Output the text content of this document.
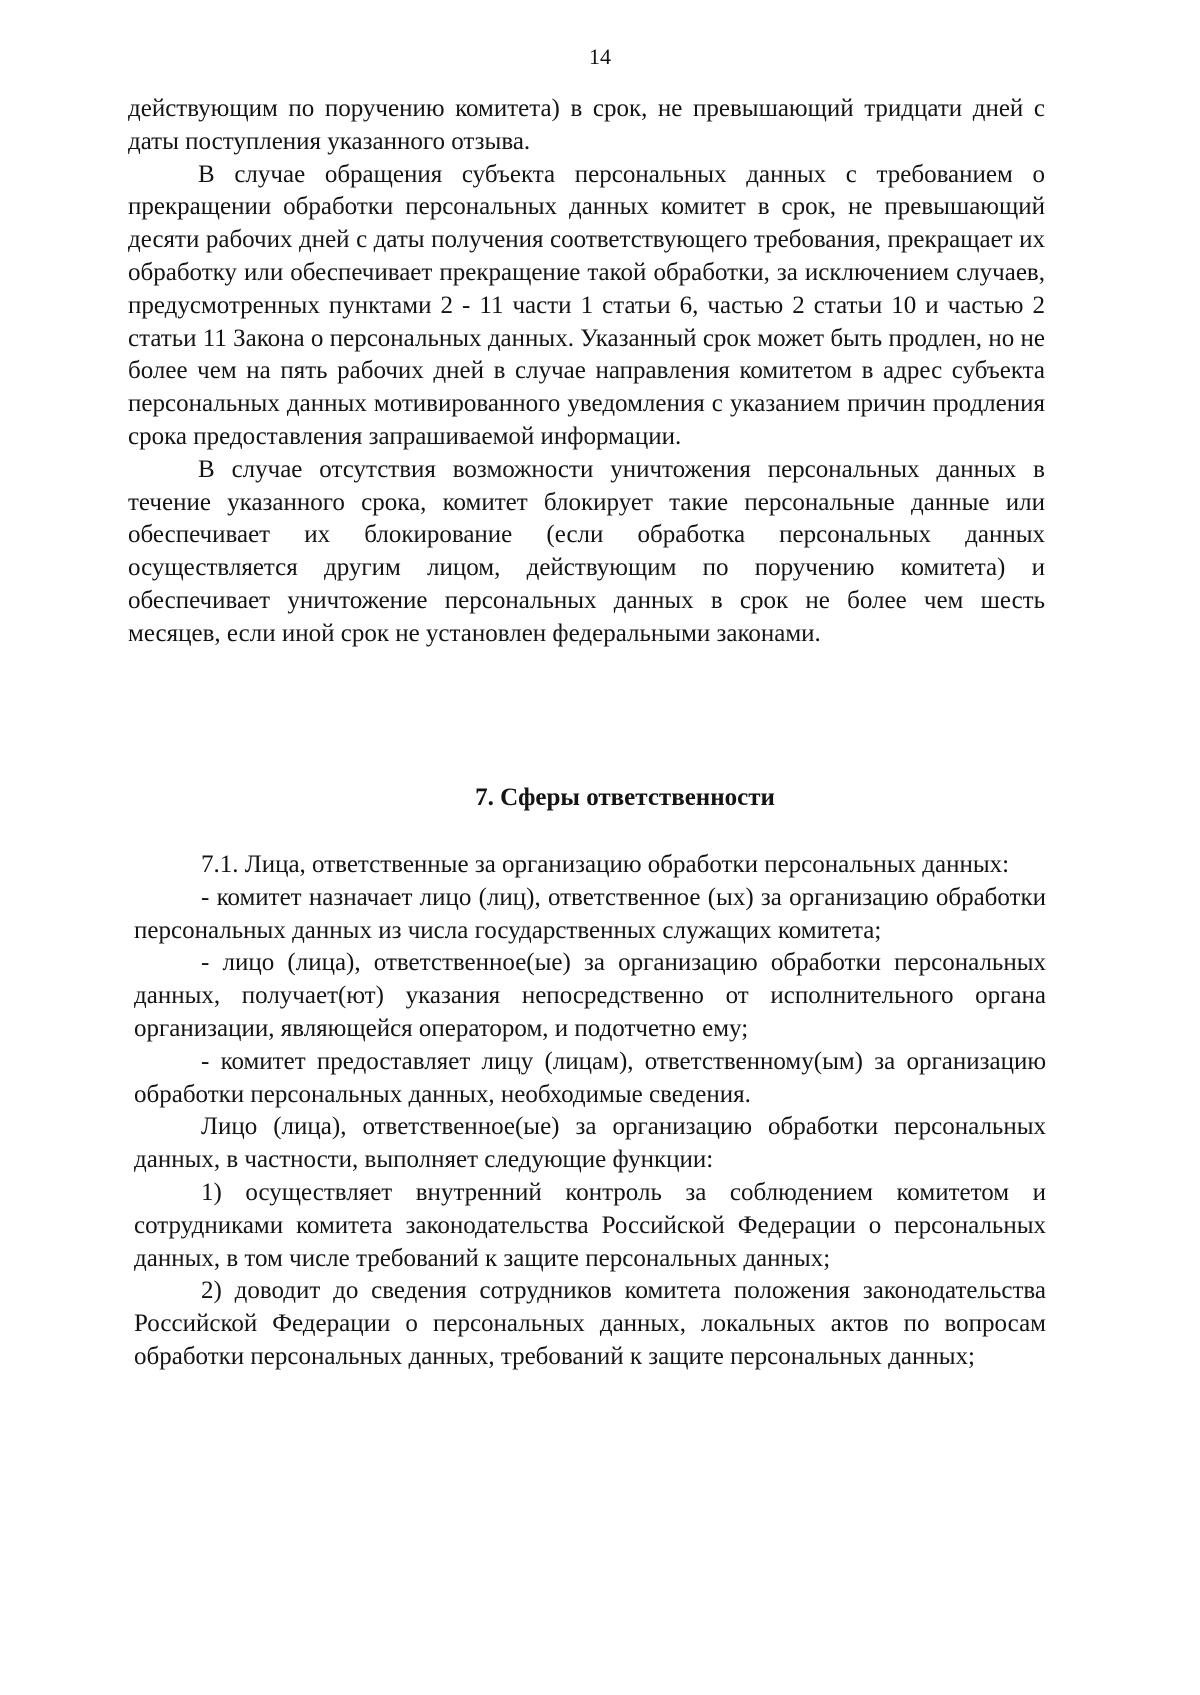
14

действующим по поручению комитета) в срок, не превышающий тридцати дней с даты поступления указанного отзыва.

В случае обращения субъекта персональных данных с требованием о прекращении обработки персональных данных комитет в срок, не превышающий десяти рабочих дней с даты получения соответствующего требования, прекращает их обработку или обеспечивает прекращение такой обработки, за исключением случаев, предусмотренных пунктами 2 - 11 части 1 статьи 6, частью 2 статьи 10 и частью 2 статьи 11 Закона о персональных данных. Указанный срок может быть продлен, но не более чем на пять рабочих дней в случае направления комитетом в адрес субъекта персональных данных мотивированного уведомления с указанием причин продления срока предоставления запрашиваемой информации.

В случае отсутствия возможности уничтожения персональных данных в течение указанного срока, комитет блокирует такие персональные данные или обеспечивает их блокирование (если обработка персональных данных осуществляется другим лицом, действующим по поручению комитета) и обеспечивает уничтожение персональных данных в срок не более чем шесть месяцев, если иной срок не установлен федеральными законами.

7. Сферы ответственности

7.1. Лица, ответственные за организацию обработки персональных данных:

- комитет назначает лицо (лиц), ответственное (ых) за организацию обработки персональных данных из числа государственных служащих комитета;

- лицо (лица), ответственное(ые) за организацию обработки персональных данных, получает(ют) указания непосредственно от исполнительного органа организации, являющейся оператором, и подотчетно ему;

- комитет предоставляет лицу (лицам), ответственному(ым) за организацию обработки персональных данных, необходимые сведения.

Лицо (лица), ответственное(ые) за организацию обработки персональных данных, в частности, выполняет следующие функции:

1) осуществляет внутренний контроль за соблюдением комитетом и сотрудниками комитета законодательства Российской Федерации о персональных данных, в том числе требований к защите персональных данных;

2) доводит до сведения сотрудников комитета положения законодательства Российской Федерации о персональных данных, локальных актов по вопросам обработки персональных данных, требований к защите персональных данных;
